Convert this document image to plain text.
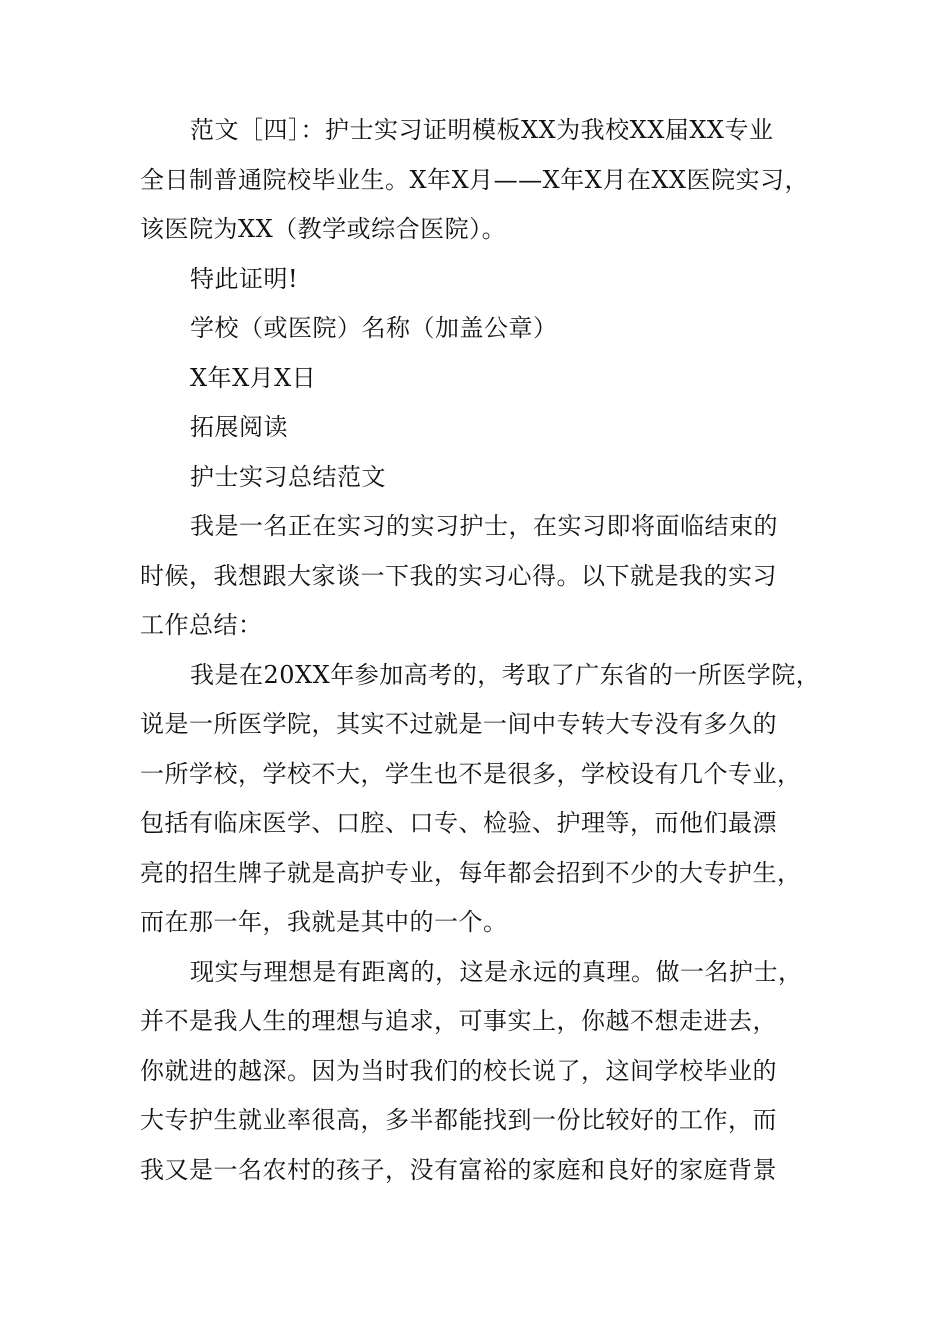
范文［四］：护士实习证明模板XX为我校XX届XX专业
全日制普通院校毕业生。X年X月——X年X月在XX医院实习，
该医院为XX（教学或综合医院）。
特此证明!
学校（或医院）名称（加盖公章）
X年X月X日
拓展阅读
护士实习总结范文
我是一名正在实习的实习护士，在实习即将面临结束的
时候，我想跟大家谈一下我的实习心得。以下就是我的实习
工作总结：
我是在20XX年参加高考的，考取了广东省的一所医学院，
说是一所医学院，其实不过就是一间中专转大专没有多久的
一所学校，学校不大，学生也不是很多，学校设有几个专业，
包括有临床医学、口腔、口专、检验、护理等，而他们最漂
亮的招生牌子就是高护专业，每年都会招到不少的大专护生，
而在那一年，我就是其中的一个。
现实与理想是有距离的，这是永远的真理。做一名护士，
并不是我人生的理想与追求，可事实上，你越不想走进去，
你就进的越深。因为当时我们的校长说了，这间学校毕业的
大专护生就业率很高，多半都能找到一份比较好的工作，而
我又是一名农村的孩子，没有富裕的家庭和良好的家庭背景
